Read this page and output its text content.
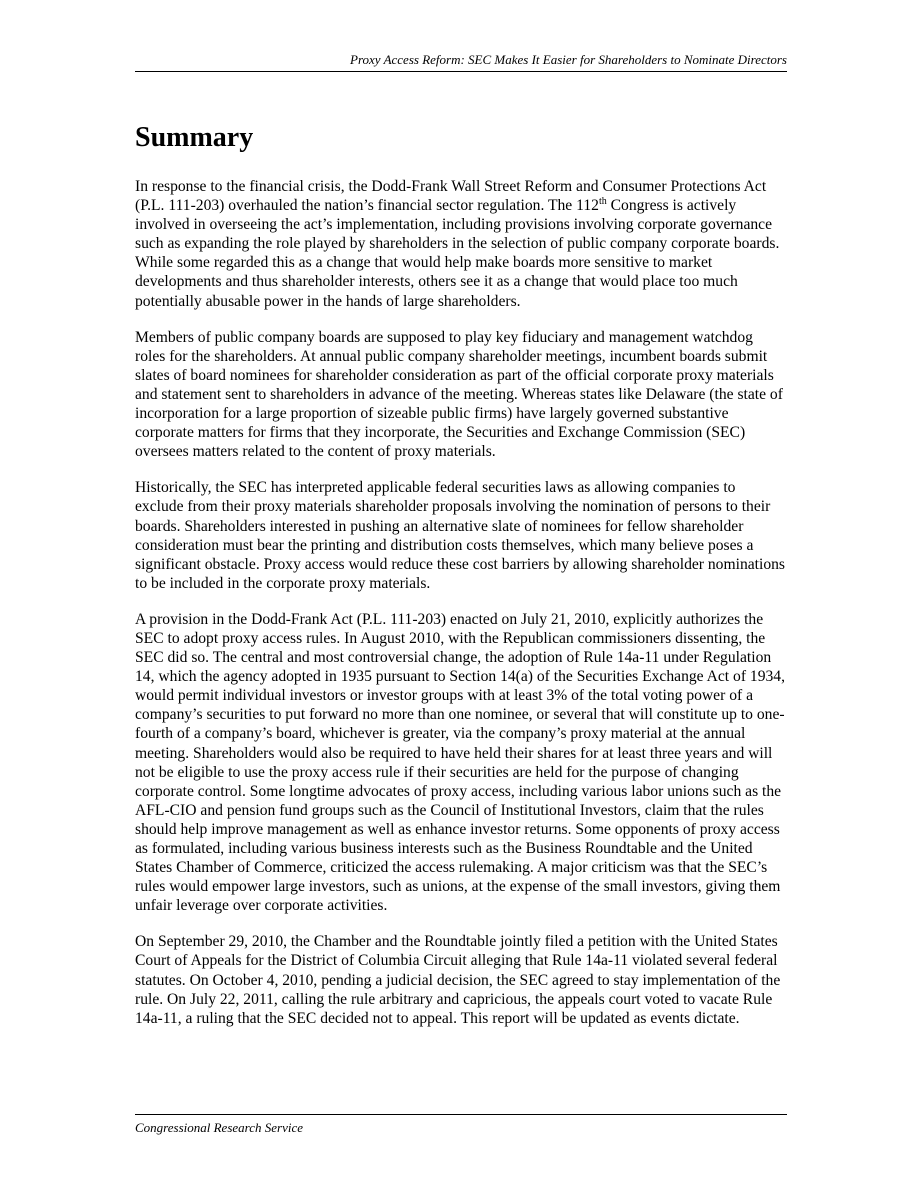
Proxy Access Reform: SEC Makes It Easier for Shareholders to Nominate Directors
Summary

In response to the financial crisis, the Dodd-Frank Wall Street Reform and Consumer Protections Act (P.L. 111-203) overhauled the nation’s financial sector regulation. The 112th Congress is actively involved in overseeing the act’s implementation, including provisions involving corporate governance such as expanding the role played by shareholders in the selection of public company corporate boards. While some regarded this as a change that would help make boards more sensitive to market developments and thus shareholder interests, others see it as a change that would place too much potentially abusable power in the hands of large shareholders.

Members of public company boards are supposed to play key fiduciary and management watchdog roles for the shareholders. At annual public company shareholder meetings, incumbent boards submit slates of board nominees for shareholder consideration as part of the official corporate proxy materials and statement sent to shareholders in advance of the meeting. Whereas states like Delaware (the state of incorporation for a large proportion of sizeable public firms) have largely governed substantive corporate matters for firms that they incorporate, the Securities and Exchange Commission (SEC) oversees matters related to the content of proxy materials.

Historically, the SEC has interpreted applicable federal securities laws as allowing companies to exclude from their proxy materials shareholder proposals involving the nomination of persons to their boards. Shareholders interested in pushing an alternative slate of nominees for fellow shareholder consideration must bear the printing and distribution costs themselves, which many believe poses a significant obstacle. Proxy access would reduce these cost barriers by allowing shareholder nominations to be included in the corporate proxy materials.

A provision in the Dodd-Frank Act (P.L. 111-203) enacted on July 21, 2010, explicitly authorizes the SEC to adopt proxy access rules. In August 2010, with the Republican commissioners dissenting, the SEC did so. The central and most controversial change, the adoption of Rule 14a-11 under Regulation 14, which the agency adopted in 1935 pursuant to Section 14(a) of the Securities Exchange Act of 1934, would permit individual investors or investor groups with at least 3% of the total voting power of a company’s securities to put forward no more than one nominee, or several that will constitute up to one-fourth of a company’s board, whichever is greater, via the company’s proxy material at the annual meeting. Shareholders would also be required to have held their shares for at least three years and will not be eligible to use the proxy access rule if their securities are held for the purpose of changing corporate control. Some longtime advocates of proxy access, including various labor unions such as the AFL-CIO and pension fund groups such as the Council of Institutional Investors, claim that the rules should help improve management as well as enhance investor returns. Some opponents of proxy access as formulated, including various business interests such as the Business Roundtable and the United States Chamber of Commerce, criticized the access rulemaking. A major criticism was that the SEC’s rules would empower large investors, such as unions, at the expense of the small investors, giving them unfair leverage over corporate activities.

On September 29, 2010, the Chamber and the Roundtable jointly filed a petition with the United States Court of Appeals for the District of Columbia Circuit alleging that Rule 14a-11 violated several federal statutes. On October 4, 2010, pending a judicial decision, the SEC agreed to stay implementation of the rule. On July 22, 2011, calling the rule arbitrary and capricious, the appeals court voted to vacate Rule 14a-11, a ruling that the SEC decided not to appeal. This report will be updated as events dictate.

Congressional Research Service
